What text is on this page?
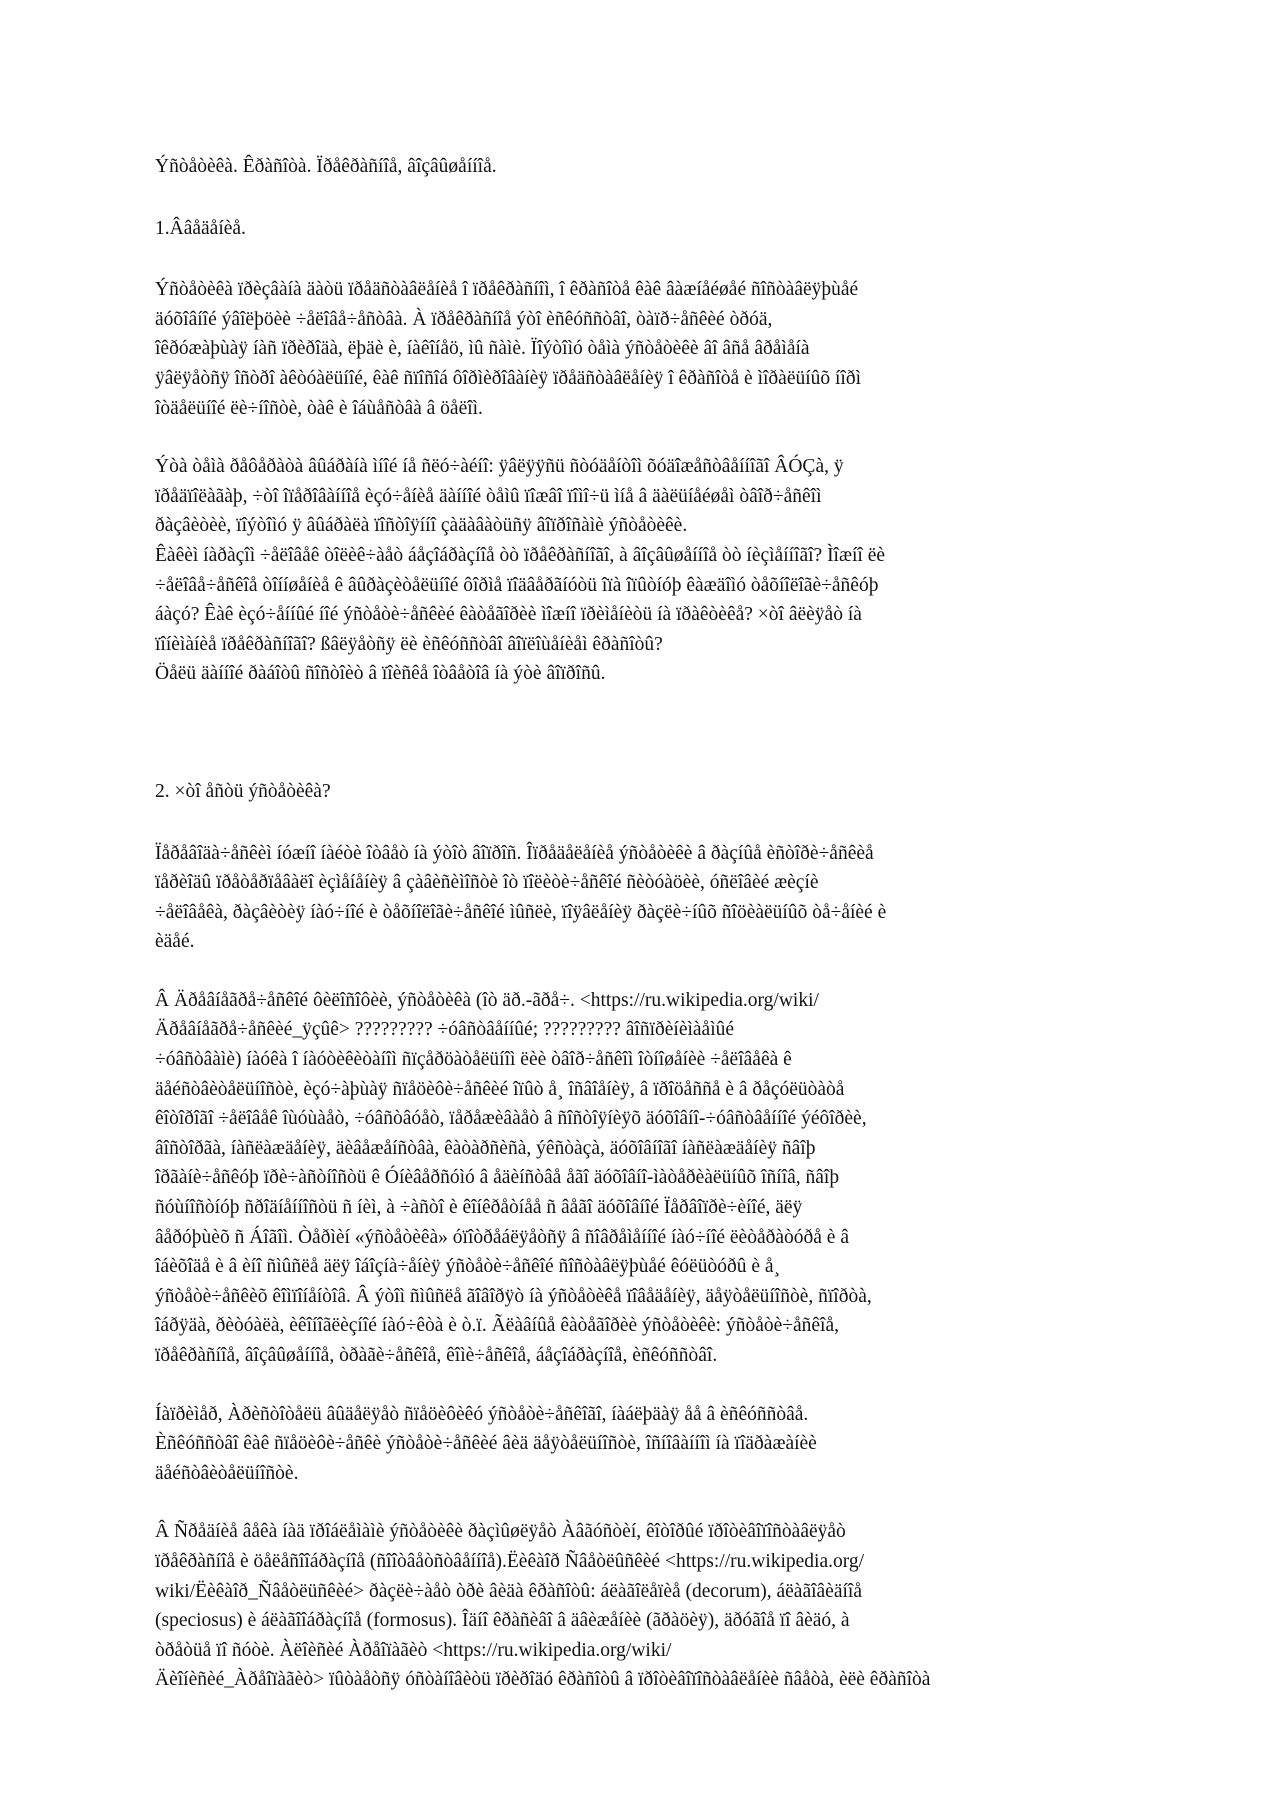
Ýñòåòèêà. Êðàñîòà. Ïðåêðàñíîå, âîçâûøåííîå.

1.Ââåäåíèå.

Ýñòåòèêà ïðèçâàíà äàòü ïðåäñòàâëåíèå î ïðåêðàñíîì, î êðàñîòå êàê âàæíåéøåé ñîñòàâëÿþùåé
äóõîâíîé ýâîëþöèè ÷åëîâå÷åñòâà. À ïðåêðàñíîå ýòî èñêóññòâî, òàïð÷åñêèé òðóä,
îêðóæàþùàÿ íàñ ïðèðîäà, ëþäè è, íàêîíåö, ìû ñàìè. Ïîýòîìó òåìà ýñòåòèêè âî âñå âðåìåíà
ÿâëÿåòñÿ îñòðî àêòóàëüíîé, êàê ñïîñîá ôîðìèðîâàíèÿ ïðåäñòàâëåíèÿ î êðàñîòå è ìîðàëüíûõ íîðì
îòäåëüíîé ëè÷íîñòè, òàê è îáùåñòâà â öåëîì.

Ýòà òåìà ðåôåðàòà âûáðàíà ìíîé íå ñëó÷àéíî: ÿâëÿÿñü ñòóäåíòîì õóäîæåñòâåííîãî ÂÓÇà, ÿ
ïðåäïîëàãàþ, ÷òî îïåðîâàííîå èçó÷åíèå äàííîé òåìû ïîæâî ïîìî÷ü ìíå â äàëüíåéøåì òâîð÷åñêîì
ðàçâèòèè, ïîýòîìó ÿ âûáðàëà ïîñòîÿííî çàäàâàòüñÿ âîïðîñàìè ýñòåòèêè.
Êàêèì íàðàçîì ÷åëîâåê òîëèê÷àåò áåçîáðàçíîå òò ïðåêðàñíîãî, à âîçâûøåííîå òò íèçìåííîãî? Ìîæíî ëè
÷åëîâå÷åñêîå òîííøåíèå ê âûðàçèòåëüíîé ôîðìå ïîäâåðãíóòü îïà îïûòíóþ êàæäîìó òåõíîëîãè÷åñêóþ
áàçó? Êàê èçó÷åííûé íîé ýñòåòè÷åñêèé êàòåãîðèè ìîæíî ïðèìåíèòü íà ïðàêòèêå? ×òî âëèÿåò íà
ïîíèìàíèå ïðåêðàñíîãî? ßâëÿåòñÿ ëè èñêóññòâî âîïëîùåíèåì êðàñîòû?
Öåëü äàííîé ðàáîòû ñîñòîèò â ïîèñêå îòâåòîâ íà ýòè âîïðîñû.

2. ×òî åñòü ýñòåòèêà?

Ïåðåâîäà÷åñêèì íóæíî íàéòè îòâåò íà ýòîò âîïðîñ. Îïðåäåëåíèå ýñòåòèêè â ðàçíûå èñòîðè÷åñêèå
ïåðèîäû ïðåòåðïåâàëî èçìåíåíèÿ â çàâèñèìîñòè îò ïîëèòè÷åñêîé ñèòóàöèè, óñëîâèé æèçíè
÷åëîâåêà, ðàçâèòèÿ íàó÷íîé è òåõíîëîãè÷åñêîé ìûñëè, ïîÿâëåíèÿ ðàçëè÷íûõ ñîöèàëüíûõ òå÷åíèé è
èäåé.

Â Äðåâíåãðå÷åñêîé ôèëîñîôèè, ýñòåòèêà (îò äð.-ãðå÷. <https://ru.wikipedia.org/wiki/
Äðåâíåãðå÷åñêèé_ÿçûê> ????????? ÷óâñòâåííûé; ????????? âîñïðèíèìàåìûé
÷óâñòâàìè) íàóêà î íàóòèêèòàíîì ñïçåðöàòåëüíîì ëèè òâîð÷åñêîì îòíîøåíèè ÷åëîâåêà ê
äåéñòâèòåëüíîñòè, èçó÷àþùàÿ ñïåöèôè÷åñêèé îïûò å¸ îñâîåíèÿ, â ïðîöåññå è â ðåçóëüòàòå
êîòîðîãî ÷åëîâåê îùóùàåò, ÷óâñòâóåò, ïåðåæèâàåò â ñîñòîÿíèÿõ äóõîâíî-÷óâñòâåííîé ýéôîðèè,
âîñòîðãà, íàñëàæäåíèÿ, äèâåæåíñòâà, êàòàðñèñà, ýêñòàçà, äóõîâíîãî íàñëàæäåíèÿ ñâîþ
îðãàíè÷åñêóþ ïðè÷àñòíîñòü ê Óíèâåðñóìó â åäèíñòâå åãî äóõîâíî-ìàòåðèàëüíûõ îñíîâ, ñâîþ
ñóùíîñòíóþ ñðîäíåííîñòü ñ íèì, à ÷àñòî è êîíêðåòíåå ñ âåãî äóõîâíîé Ïåðâîïðè÷èíîé, äëÿ
âåðóþùèõ ñ Áîãîì. Òåðìèí «ýñòåòèêà» óïîòðåáëÿåòñÿ â ñîâðåìåííîé íàó÷íîé ëèòåðàòóðå è â
îáèõîäå è â èíî ñìûñëå äëÿ îáîçíà÷åíèÿ ýñòåòè÷åñêîé ñîñòàâëÿþùåé êóëüòóðû è å¸
ýñòåòè÷åñêèõ êîìïîíåíòîâ. Â ýòîì ñìûñëå ãîâîðÿò íà ýñòåòèêå ïîâåäåíèÿ, äåÿòåëüíîñòè, ñïîðòà,
îáðÿäà, ðèòóàëà, èêîíîãëèçíîé íàó÷êòà è ò.ï. Ãëàâíûå êàòåãîðèè ýñòåòèêè: ýñòåòè÷åñêîå,
ïðåêðàñíîå, âîçâûøåííîå, òðàãè÷åñêîå, êîìè÷åñêîå, áåçîáðàçíîå, èñêóññòâî.

Íàïðèìåð, Àðèñòîòåëü âûäåëÿåò ñïåöèôèêó ýñòåòè÷åñêîãî, íàáëþäàÿ åå â èñêóññòâå.
Èñêóññòâî êàê ñïåöèôè÷åñêè ýñòåòè÷åñêèé âèä äåÿòåëüíîñòè, îñíîâàííîì íà ïîäðàæàíèè
äåéñòâèòåëüíîñòè.

Â Ñðåäíèå âåêà íàä ïðîáëåìàìè ýñòåòèêè ðàçìûøëÿåò Àâãóñòèí, êîòîðûé ïðîòèâîïîñòàâëÿåò
ïðåêðàñíîå è öåëåñîîáðàçíîå (ñîîòâåòñòâåííîå).Ëèêàîð Ñâåòëûñêèé <https://ru.wikipedia.org/
wiki/Ëèêàîð_Ñâåòëüñêèé> ðàçëè÷àåò òðè âèäà êðàñîòû: áëàãîëåïèå (decorum), áëàãîâèäíîå
(speciosus) è áëàãîîáðàçíîå (formosus). Îäíî êðàñèâî â äâèæåíèè (ãðàöèÿ), äðóãîå ïî âèäó, à
òðåòüå ïî ñóòè. Àëîèñèé Àðåîïàãèò <https://ru.wikipedia.org/wiki/
Äèîíèñèé_Àðåîïàãèò> ïûòàåòñÿ óñòàíîâèòü ïðèðîäó êðàñîòû â ïðîòèâîïîñòàâëåíèè ñâåòà, èëè êðàñîòà
